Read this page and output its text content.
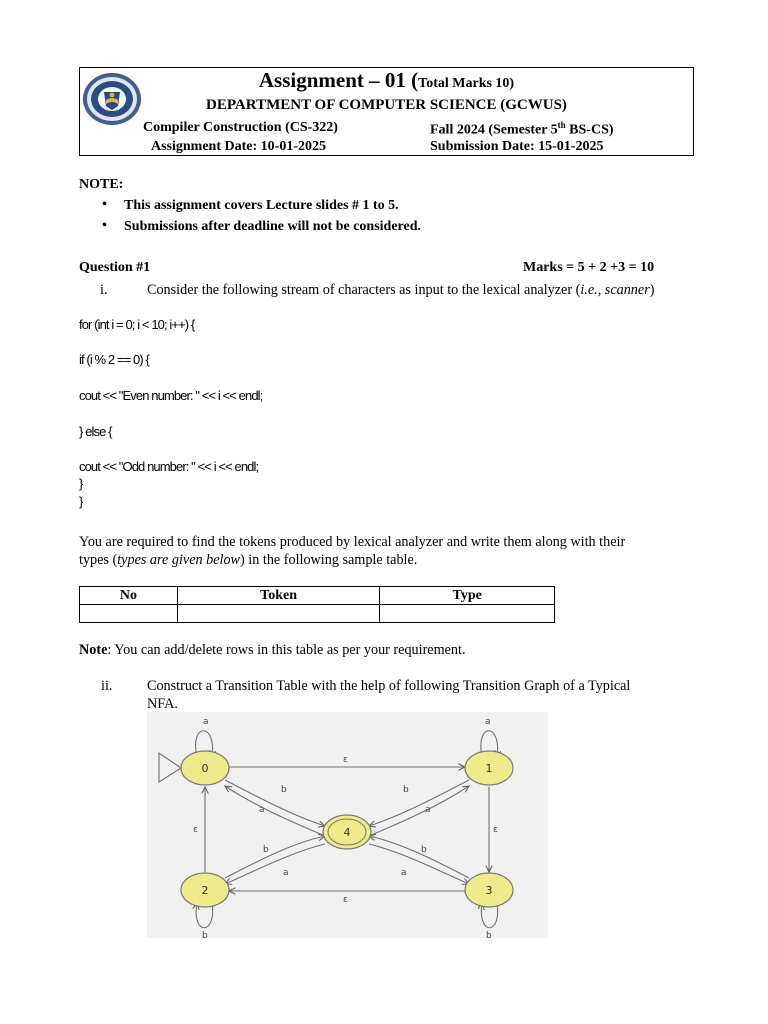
Assignment – 01 (Total Marks 10)
DEPARTMENT OF COMPUTER SCIENCE (GCWUS)
Compiler Construction (CS-322)	Fall 2024 (Semester 5th BS-CS)
Assignment Date: 10-01-2025	Submission Date: 15-01-2025
NOTE:
• This assignment covers Lecture slides # 1 to 5.
• Submissions after deadline will not be considered.
Question #1	Marks = 5 + 2 +3 = 10
i.	Consider the following stream of characters as input to the lexical analyzer (i.e., scanner)
for (int i = 0; i < 10; i++) {
if (i % 2 == 0) {
cout << "Even number: " << i << endl;
} else {
cout << "Odd number: " << i << endl;
}
}
You are required to find the tokens produced by lexical analyzer and write them along with their
types (types are given below) in the following sample table.
No	Token	Type

Note: You can add/delete rows in this table as per your requirement.
ii. Construct a Transition Table with the help of following Transition Graph of a Typical
NFA.
a	a
b	b
ε
ε
ε	ε
b
a
b
a
b
a	a
b
0	1
2	3
4
